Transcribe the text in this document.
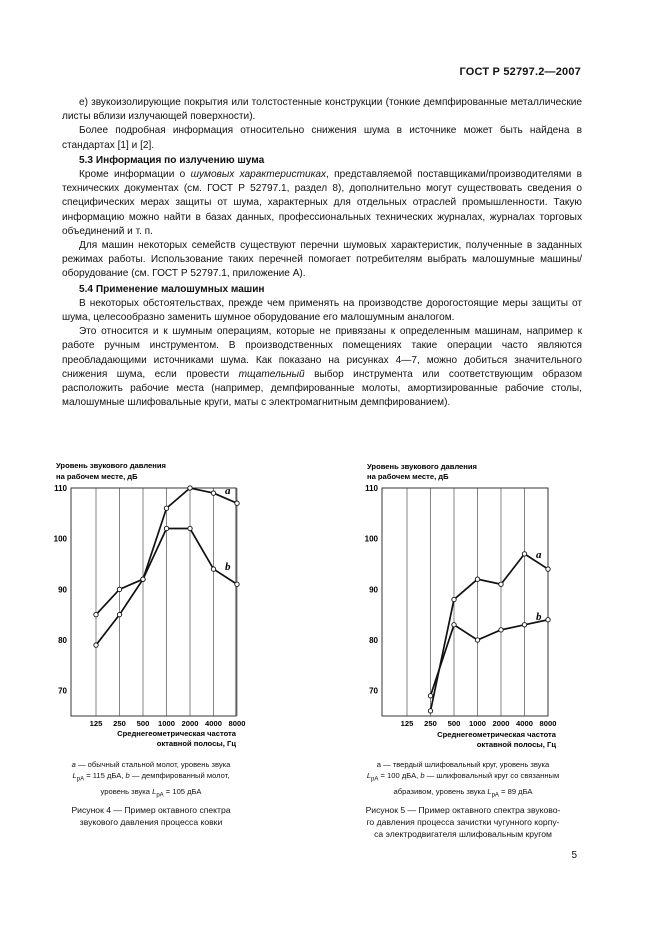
ГОСТ Р 52797.2—2007

е) звукоизолирующие покрытия или толстостенные конструкции (тонкие демпфированные металлические листы вблизи излучающей поверхности).

Более подробная информация относительно снижения шума в источнике может быть найдена в стандартах [1] и [2].

5.3 Информация по излучению шума

Кроме информации о шумовых характеристиках, представляемой поставщиками/производителями в технических документах (см. ГОСТ Р 52797.1, раздел 8), дополнительно могут существовать сведения о специфических мерах защиты от шума, характерных для отдельных отраслей промышленности. Такую информацию можно найти в базах данных, профессиональных технических журналах, журналах торговых объединений и т. п.

Для машин некоторых семейств существуют перечни шумовых характеристик, полученные в заданных режимах работы. Использование таких перечней помогает потребителям выбрать малошумные машины/оборудование (см. ГОСТ Р 52797.1, приложение А).

5.4 Применение малошумных машин

В некоторых обстоятельствах, прежде чем применять на производстве дорогостоящие меры защиты от шума, целесообразно заменить шумное оборудование его малошумным аналогом.

Это относится и к шумным операциям, которые не привязаны к определенным машинам, например к работе ручным инструментом. В производственных помещениях такие операции часто являются преобладающими источниками шума. Как показано на рисунках 4—7, можно добиться значительного снижения шума, если провести тщательный выбор инструмента или соответствующим образом расположить рабочие места (например, демпфированные молоты, амортизированные рабочие столы, малошумные шлифовальные круги, маты с электромагнитным демпфированием).

Уровень звукового давления
на рабочем месте, дБ
70
80
90
100
110
125 250 500 1000 2000 4000 8000
a
b
Среднегеометрическая частота
октавной полосы, Гц
Уровень звукового давления
на рабочем месте, дБ
70
80
90
100
110
125 250 500 1000 2000 4000 8000
a
b
Среднегеометрическая частота
октавной полосы, Гц
а — обычный стальной молот, уровень звука
$L_{pA} = 115$ дБА, b — демпфированный молот,
уровень звука $L_{pA} = 105$ дБА
Рисунок 4 — Пример октавного спектра
звукового давления процесса ковки
а — твердый шлифовальный круг, уровень звука
$L_{pA} = 100$ дБА, b — шлифовальный круг со связанным
абразивом, уровень звука $L_{pA} = 89$ дБА
Рисунок 5 — Пример октавного спектра звуково-
го давления процесса зачистки чугунного корпу-
са электродвигателя шлифовальным кругом
5
